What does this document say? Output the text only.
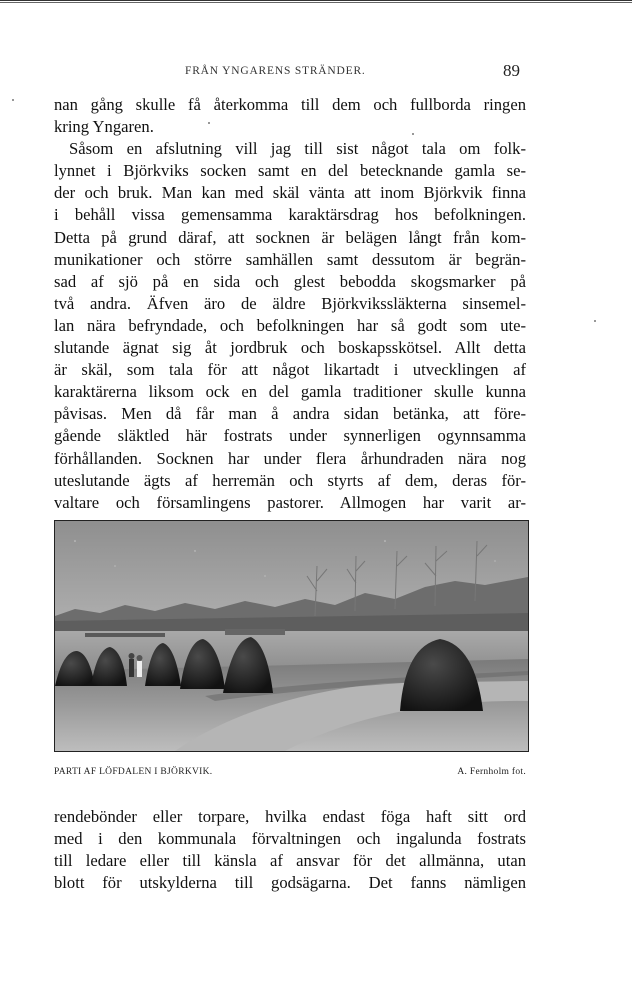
FRÅN YNGARENS STRÄNDER.	89
nan gång skulle få återkomma till dem och fullborda ringen
kring Yngaren.
Såsom en afslutning vill jag till sist något tala om folk-
lynnet i Björkviks socken samt en del betecknande gamla se-
der och bruk. Man kan med skäl vänta att inom Björkvik finna
i behåll vissa gemensamma karaktärsdrag hos befolkningen.
Detta på grund däraf, att socknen är belägen långt från kom-
munikationer och större samhällen samt dessutom är begrän-
sad af sjö på en sida och glest bebodda skogsmarker på
två andra. Äfven äro de äldre Björkvikssläkterna sinsemel-
lan nära befryndade, och befolkningen har så godt som ute-
slutande ägnat sig åt jordbruk och boskapsskötsel. Allt detta
är skäl, som tala för att något likartadt i utvecklingen af
karaktärerna liksom ock en del gamla traditioner skulle kunna
påvisas. Men då får man å andra sidan betänka, att före-
gående släktled här fostrats under synnerligen ogynnsamma
förhållanden. Socknen har under flera århundraden nära nog
uteslutande ägts af herremän och styrts af dem, deras för-
valtare och församlingens pastorer. Allmogen har varit ar-
PARTI AF LÖFDALEN I BJÖRKVIK.	A. Fernholm fot.
rendebönder eller torpare, hvilka endast föga haft sitt ord
med i den kommunala förvaltningen och ingalunda fostrats
till ledare eller till känsla af ansvar för det allmänna, utan
blott för utskylderna till godsägarna. Det fanns nämligen
